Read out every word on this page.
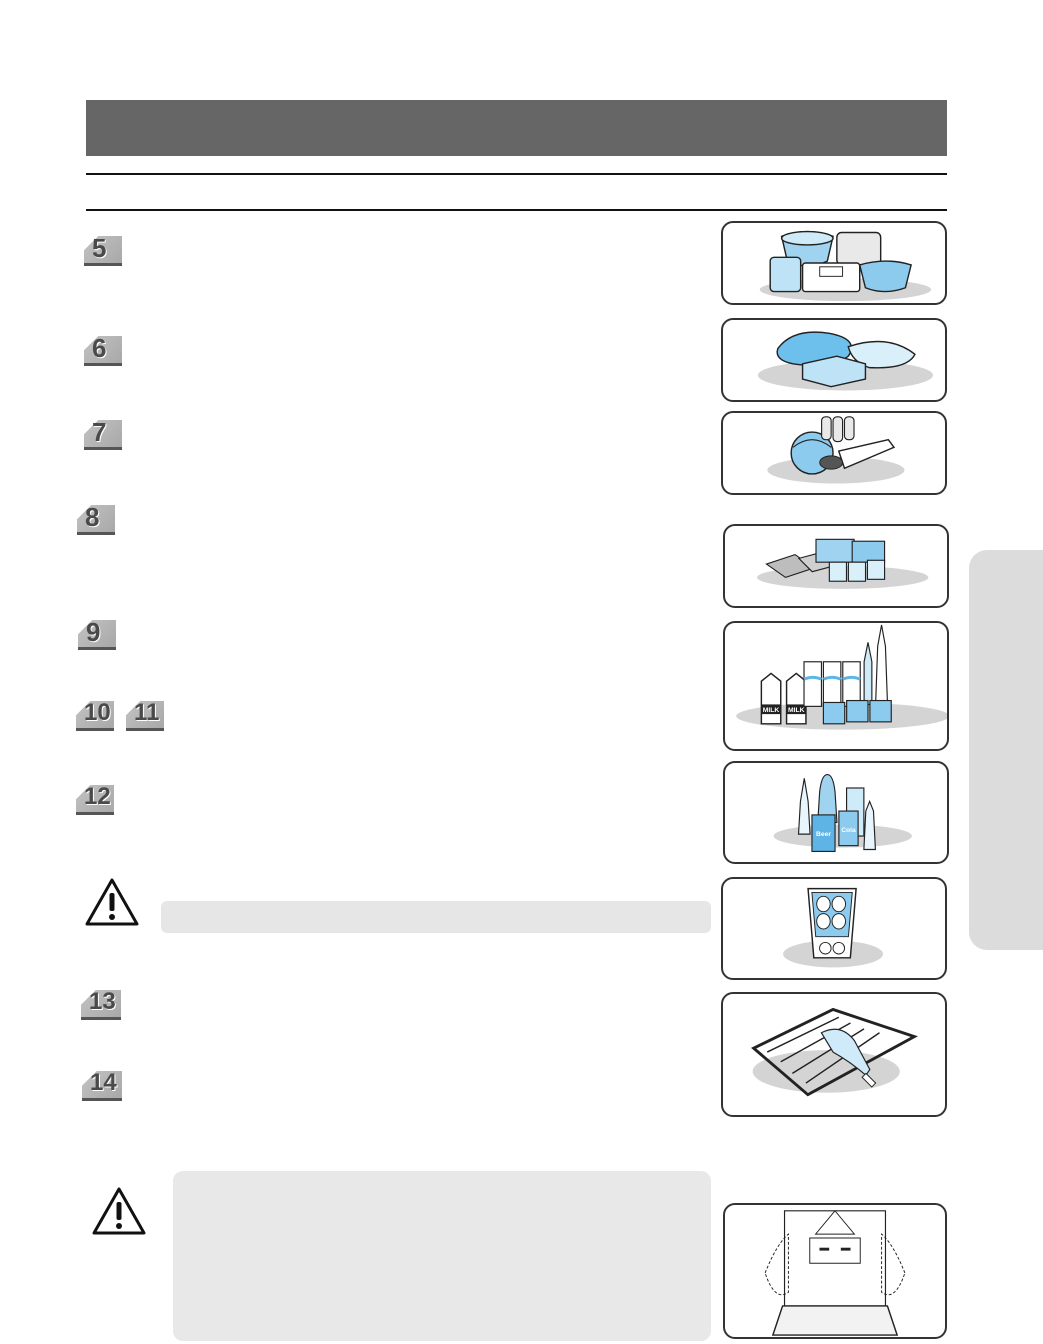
5
6
7
8
9
10 11
12
13
14
MILK MILK
Beer
Cola
